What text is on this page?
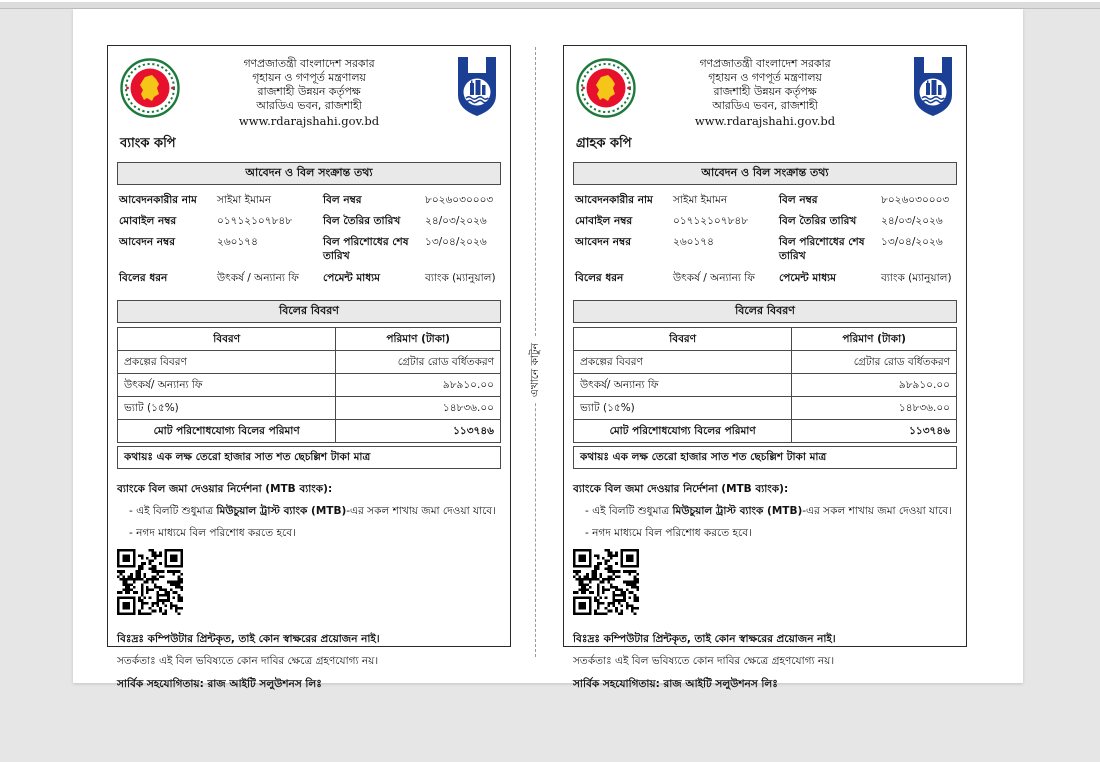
গণপ্রজাতন্ত্রী বাংলাদেশ সরকার
গৃহায়ন ও গণপূর্ত মন্ত্রণালয়
রাজশাহী উন্নয়ন কর্তৃপক্ষ
আরডিএ ভবন, রাজশাহী
www.rdarajshahi.gov.bd
গ্রাহক কপি
আবেদন ও বিল সংক্রান্ত তথ্য
আবেদনকারীর নাম	সাইমা ইমামন	বিল নম্বর	৮০২৬০৩০০০৩
মোবাইল নম্বর	০১৭১২১০৭৮৪৮	বিল তৈরির তারিখ	২৪/০৩/২০২৬
আবেদন নম্বর	২৬০১৭৪	বিল পরিশোধের শেষ তারিখ
১৩/০৪/২০২৬
বিলের ধরন	উৎকর্ষ / অন্যান্য ফি	পেমেন্ট মাধ্যম	ব্যাংক (ম্যানুয়াল)
বিলের বিবরণ
বিবরণ	পরিমাণ (টাকা)
প্রকল্পের বিবরণ	গ্রেটার রোড বর্ধিতকরণ
উৎকর্ষ/ অন্যান্য ফি	৯৮৯১০.০০
ভ্যাট (১৫%)	১৪৮৩৬.০০
মোট পরিশোধযোগ্য বিলের পরিমাণ	১১৩৭৪৬
কথায়ঃ এক লক্ষ তেরো হাজার সাত শত ছেচল্লিশ টাকা মাত্র
ব্যাংকে বিল জমা দেওয়ার নির্দেশনা (MTB ব্যাংক):
- এই বিলটি শুধুমাত্র মিউচুয়াল ট্রাস্ট ব্যাংক (MTB)-এর সকল শাখায় জমা দেওয়া যাবে।
- নগদ মাধ্যমে বিল পরিশোধ করতে হবে।
বিঃদ্রঃ কম্পিউটার প্রিন্টকৃত, তাই কোন স্বাক্ষরের প্রয়োজন নাই।
সতর্কতাঃ এই বিল ভবিষ্যতে কোন দাবির ক্ষেত্রে গ্রহণযোগ্য নয়।
সার্বিক সহযোগিতায়: রাজ আইটি সলুউশনস লিঃ
গণপ্রজাতন্ত্রী বাংলাদেশ সরকার
গৃহায়ন ও গণপূর্ত মন্ত্রণালয়
রাজশাহী উন্নয়ন কর্তৃপক্ষ
আরডিএ ভবন, রাজশাহী
www.rdarajshahi.gov.bd
ব্যাংক কপি
আবেদন ও বিল সংক্রান্ত তথ্য
আবেদনকারীর নাম	সাইমা ইমামন	বিল নম্বর	৮০২৬০৩০০০৩
মোবাইল নম্বর	০১৭১২১০৭৮৪৮	বিল তৈরির তারিখ	২৪/০৩/২০২৬
আবেদন নম্বর	২৬০১৭৪	বিল পরিশোধের শেষ তারিখ
১৩/০৪/২০২৬
বিলের ধরন	উৎকর্ষ / অন্যান্য ফি	পেমেন্ট মাধ্যম	ব্যাংক (ম্যানুয়াল)
বিলের বিবরণ
বিবরণ	পরিমাণ (টাকা)
প্রকল্পের বিবরণ	গ্রেটার রোড বর্ধিতকরণ
উৎকর্ষ/ অন্যান্য ফি	৯৮৯১০.০০
ভ্যাট (১৫%)	১৪৮৩৬.০০
মোট পরিশোধযোগ্য বিলের পরিমাণ	১১৩৭৪৬
কথায়ঃ এক লক্ষ তেরো হাজার সাত শত ছেচল্লিশ টাকা মাত্র
ব্যাংকে বিল জমা দেওয়ার নির্দেশনা (MTB ব্যাংক):
- এই বিলটি শুধুমাত্র মিউচুয়াল ট্রাস্ট ব্যাংক (MTB)-এর সকল শাখায় জমা দেওয়া যাবে।
- নগদ মাধ্যমে বিল পরিশোধ করতে হবে।
বিঃদ্রঃ কম্পিউটার প্রিন্টকৃত, তাই কোন স্বাক্ষরের প্রয়োজন নাই।
সতর্কতাঃ এই বিল ভবিষ্যতে কোন দাবির ক্ষেত্রে গ্রহণযোগ্য নয়।
সার্বিক সহযোগিতায়: রাজ আইটি সলুউশনস লিঃ
এখানে কাটুন
